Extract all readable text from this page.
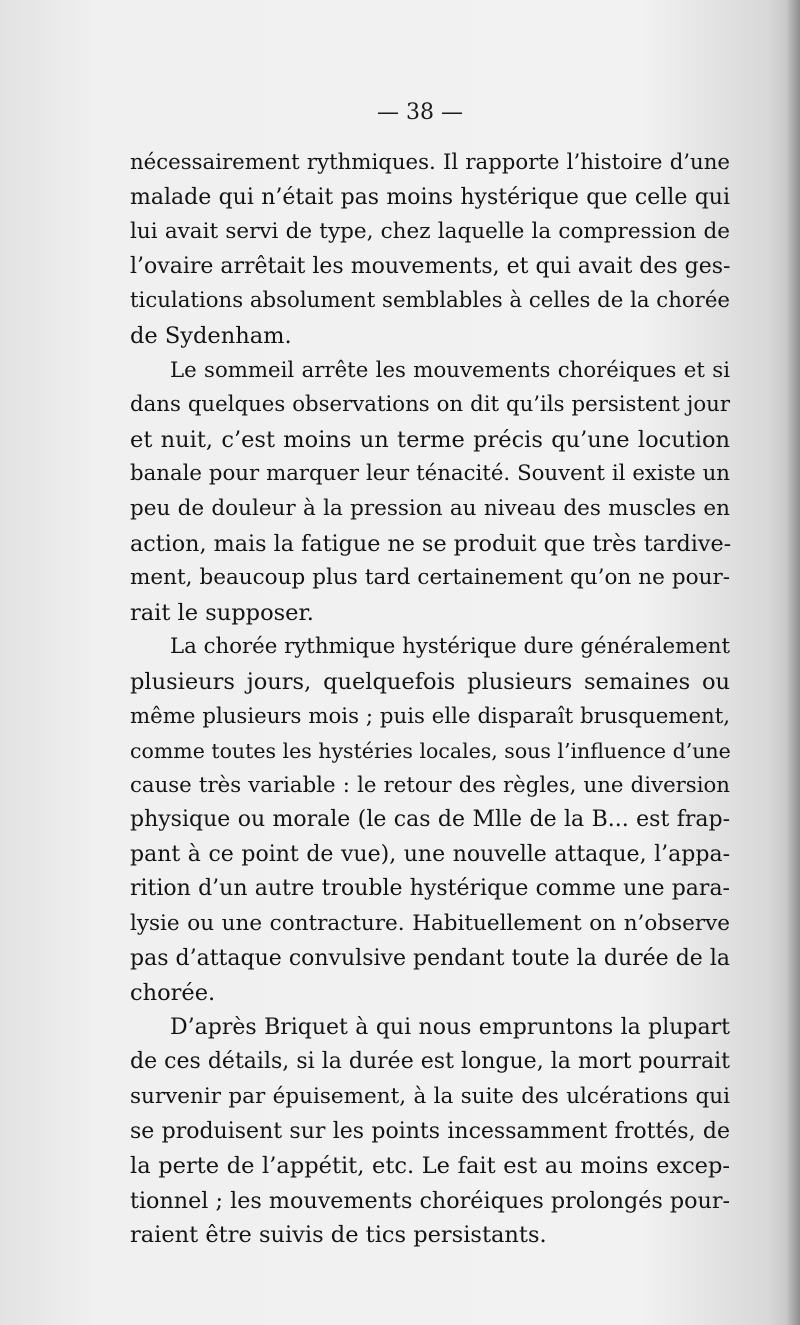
— 38 —
nécessairement rythmiques. Il rapporte l’histoire d’une
malade qui n’était pas moins hystérique que celle qui
lui avait servi de type, chez laquelle la compression de
l’ovaire arrêtait les mouvements, et qui avait des ges-
ticulations absolument semblables à celles de la chorée
de Sydenham.
Le sommeil arrête les mouvements choréiques et si
dans quelques observations on dit qu’ils persistent jour
et nuit, c’est moins un terme précis qu’une locution
banale pour marquer leur ténacité. Souvent il existe un
peu de douleur à la pression au niveau des muscles en
action, mais la fatigue ne se produit que très tardive-
ment, beaucoup plus tard certainement qu’on ne pour-
rait le supposer.
La chorée rythmique hystérique dure généralement
plusieurs jours, quelquefois plusieurs semaines ou
même plusieurs mois ; puis elle disparaît brusquement,
comme toutes les hystéries locales, sous l’influence d’une
cause très variable : le retour des règles, une diversion
physique ou morale (le cas de Mlle de la B... est frap-
pant à ce point de vue), une nouvelle attaque, l’appa-
rition d’un autre trouble hystérique comme une para-
lysie ou une contracture. Habituellement on n’observe
pas d’attaque convulsive pendant toute la durée de la
chorée.
D’après Briquet à qui nous empruntons la plupart
de ces détails, si la durée est longue, la mort pourrait
survenir par épuisement, à la suite des ulcérations qui
se produisent sur les points incessamment frottés, de
la perte de l’appétit, etc. Le fait est au moins excep-
tionnel ; les mouvements choréiques prolongés pour-
raient être suivis de tics persistants.
